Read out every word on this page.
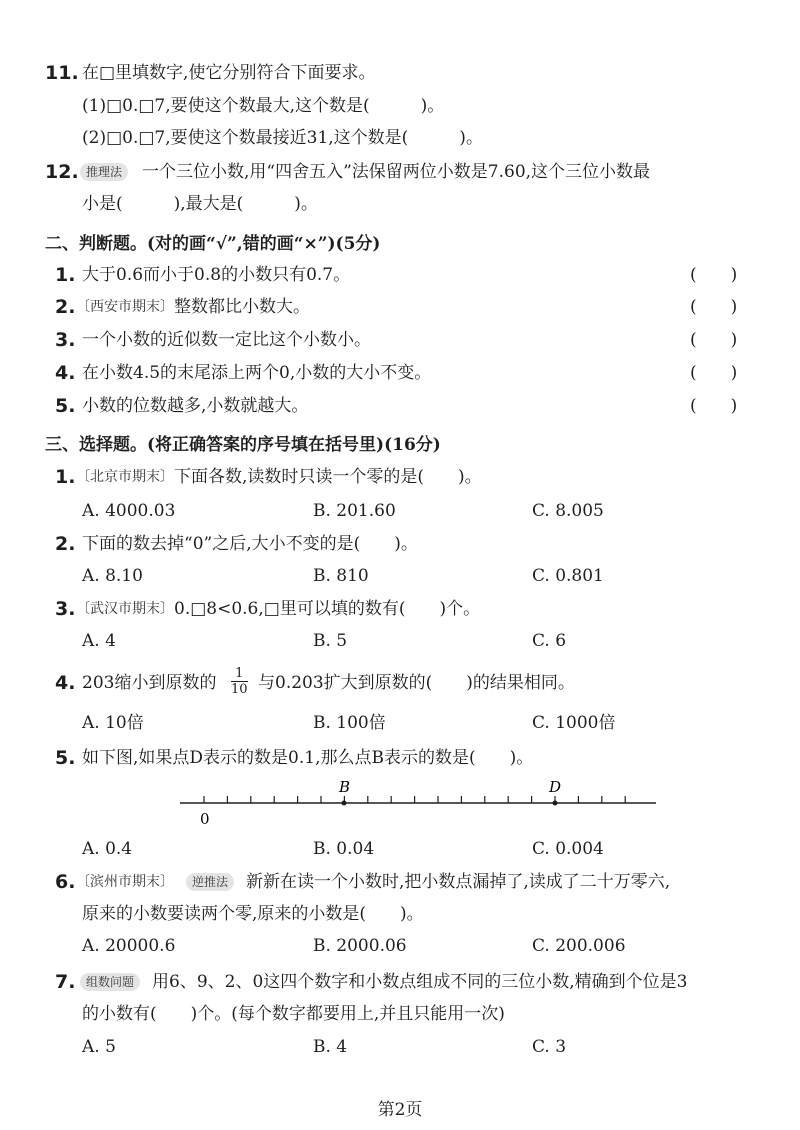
11. 在□里填数字,使它分别符合下面要求。
(1)□0.□7,要使这个数最大,这个数是(　　　)。
(2)□0.□7,要使这个数最接近31,这个数是(　　　)。
12. 推理法	一个三位小数,用“四舍五入”法保留两位小数是7.60,这个三位小数最
小是(　　　),最大是(　　　)。
二、判断题。(对的画“√”,错的画“×”)(5分)
1. 大于0.6而小于0.8的小数只有0.7。	(　　)
2. 〔西安市期末〕 整数都比小数大。	(　　)
3. 一个小数的近似数一定比这个小数小。	(　　)
4. 在小数4.5的末尾添上两个0,小数的大小不变。	(　　)
5. 小数的位数越多,小数就越大。	(　　)
三、选择题。(将正确答案的序号填在括号里)(16分)
1. 〔北京市期末〕 下面各数,读数时只读一个零的是(　　)。
A. 4000.03	B. 201.60	C. 8.005
2. 下面的数去掉“0”之后,大小不变的是(　　)。
A. 8.10	B. 810	C. 0.801
3. 〔武汉市期末〕 0.□8<0.6,□里可以填的数有(　　)个。
A. 4	B. 5	C. 6
4. 203缩小到原数的 $\frac{1}{10}$ 与0.203扩大到原数的(　　)的结果相同。
A. 10倍	B. 100倍	C. 1000倍
5. 如下图,如果点D表示的数是0.1,那么点B表示的数是(　　)。
B	D
0
A. 0.4	B. 0.04	C. 0.004
6. 〔滨州市期末〕	逆推法	新新在读一个小数时,把小数点漏掉了,读成了二十万零六,
原来的小数要读两个零,原来的小数是(　　)。
A. 20000.6	B. 2000.06	C. 200.006
7. 组数问题	用6、9、2、0这四个数字和小数点组成不同的三位小数,精确到个位是3
的小数有(　　)个。(每个数字都要用上,并且只能用一次)
A. 5	B. 4	C. 3
第2页
